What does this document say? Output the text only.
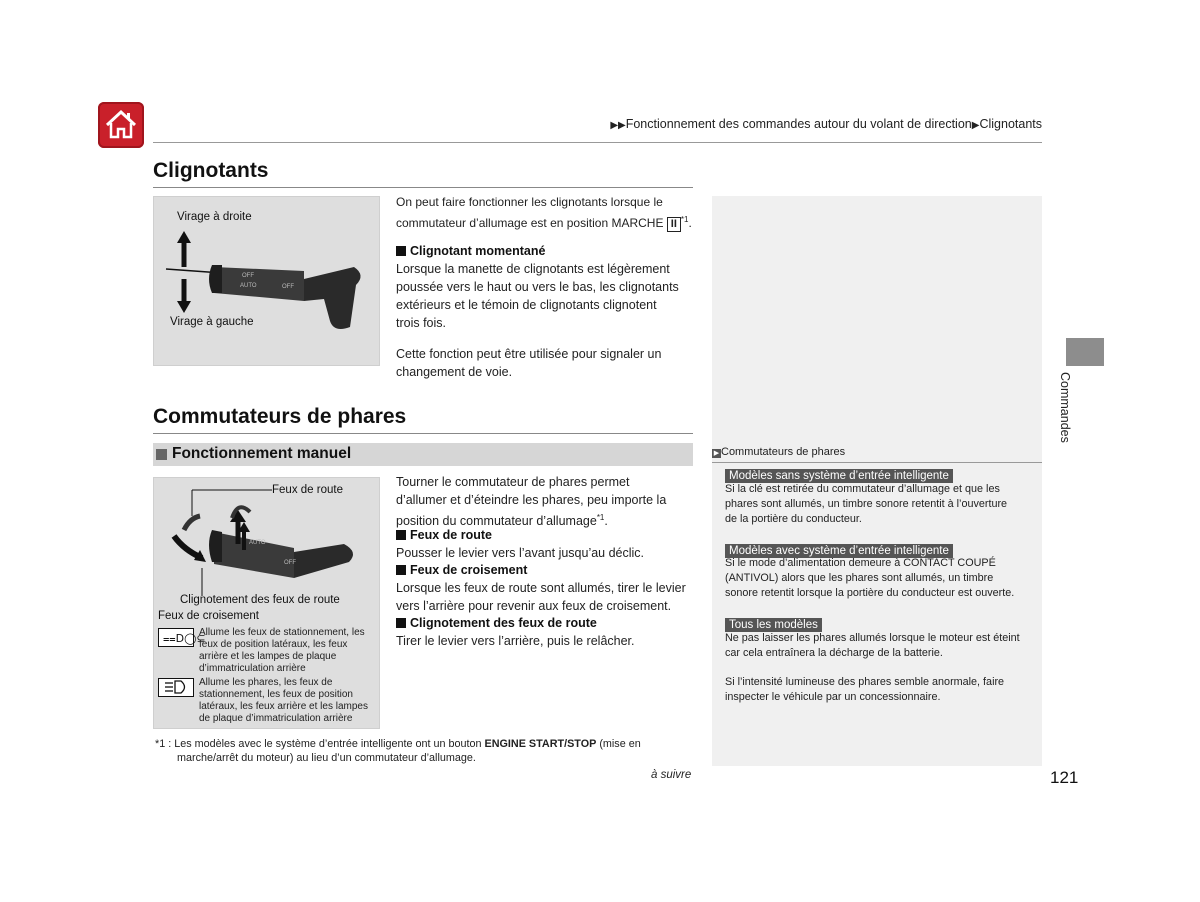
▶▶Fonctionnement des commandes autour du volant de direction▶Clignotants
Clignotants
Virage à droite
Virage à gauche
OFF
AUTO	OFF
On peut faire fonctionner les clignotants lorsque le
commutateur d’allumage est en position MARCHE II $^{*1}$.
Clignotant momentané
Lorsque la manette de clignotants est légèrement
poussée vers le haut ou vers le bas, les clignotants
extérieurs et le témoin de clignotants clignotent
trois fois.
Cette fonction peut être utilisée pour signaler un
changement de voie.
Commutateurs de phares
Fonctionnement manuel
Feux de route
Clignotement des feux de route
Feux de croisement
AUTO
OFF
⩵D◯⊆
Allume les feux de stationnement, les
feux de position latéraux, les feux
arrière et les lampes de plaque
d’immatriculation arrière
Allume les phares, les feux de
stationnement, les feux de position
latéraux, les feux arrière et les lampes
de plaque d’immatriculation arrière
Tourner le commutateur de phares permet
d’allumer et d’éteindre les phares, peu importe la
position du commutateur d’allumage$^{*1}$.
Feux de route
Pousser le levier vers l’avant jusqu’au déclic.
Feux de croisement
Lorsque les feux de route sont allumés, tirer le levier
vers l’arrière pour revenir aux feux de croisement.
Clignotement des feux de route
Tirer le levier vers l’arrière, puis le relâcher.
*1 : Les modèles avec le système d’entrée intelligente ont un bouton ENGINE START/STOP (mise en
marche/arrêt du moteur) au lieu d’un commutateur d’allumage.
à suivre
▶ Commutateurs de phares
Modèles sans système d’entrée intelligente
Si la clé est retirée du commutateur d’allumage et que les
phares sont allumés, un timbre sonore retentit à l’ouverture
de la portière du conducteur.
Modèles avec système d’entrée intelligente
Si le mode d’alimentation demeure à CONTACT COUPÉ
(ANTIVOL) alors que les phares sont allumés, un timbre
sonore retentit lorsque la portière du conducteur est ouverte.
Tous les modèles
Ne pas laisser les phares allumés lorsque le moteur est éteint
car cela entraînera la décharge de la batterie.
Si l’intensité lumineuse des phares semble anormale, faire
inspecter le véhicule par un concessionnaire.
Commandes
121
